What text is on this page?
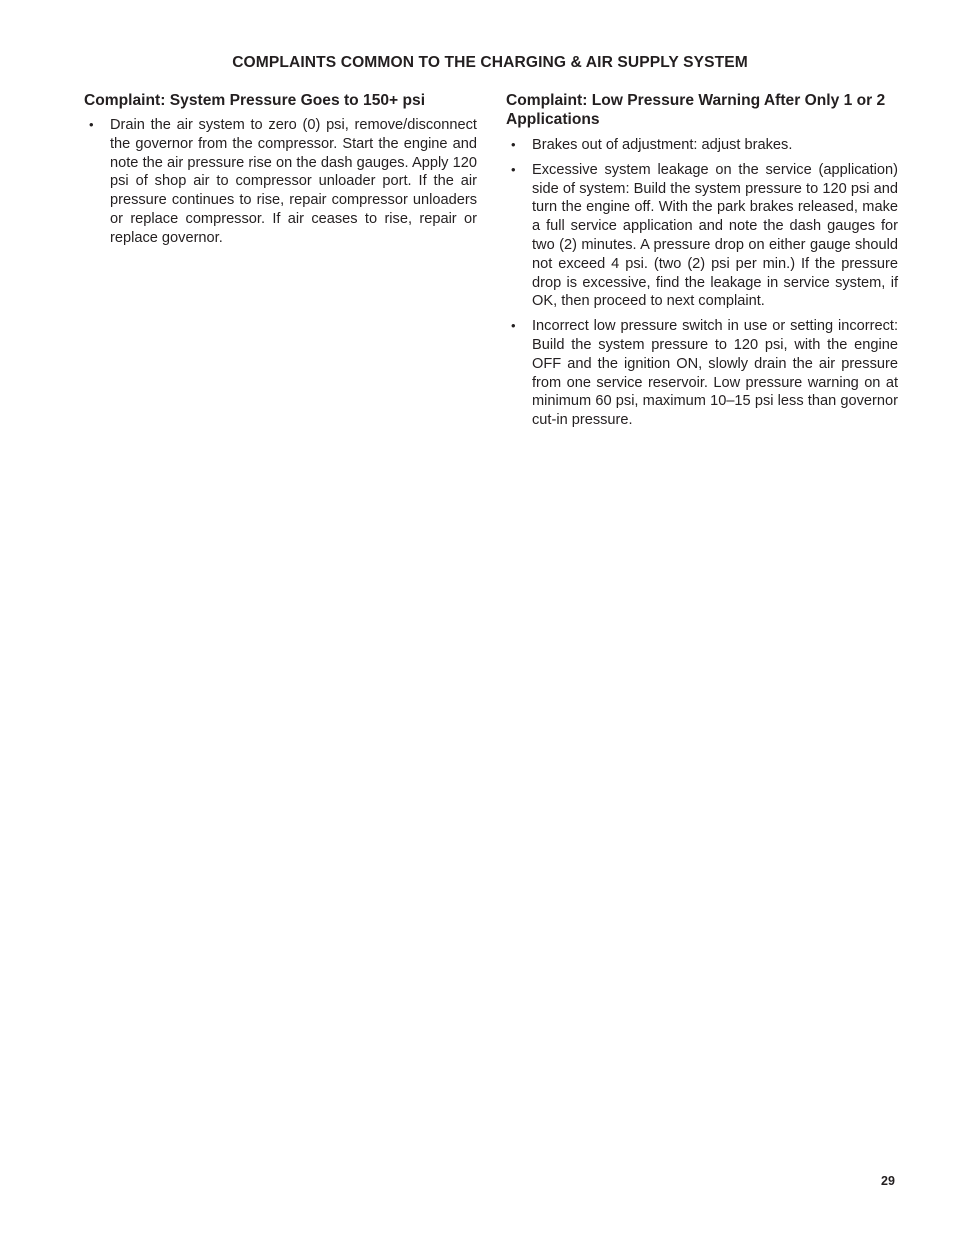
COMPLAINTS COMMON TO THE CHARGING & AIR SUPPLY SYSTEM
Complaint: System Pressure Goes to 150+ psi
• Drain the air system to zero (0) psi, remove/disconnect the governor from the compressor. Start the engine and note the air pressure rise on the dash gauges. Apply 120 psi of shop air to compressor unloader port. If the air pressure continues to rise, repair compressor unloaders or replace compressor. If air ceases to rise, repair or replace governor.
Complaint: Low Pressure Warning After Only 1 or 2 Applications
• Brakes out of adjustment: adjust brakes.
• Excessive system leakage on the service (application) side of system: Build the system pressure to 120 psi and turn the engine off. With the park brakes released, make a full service application and note the dash gauges for two (2) minutes. A pressure drop on either gauge should not exceed 4 psi. (two (2) psi per min.) If the pressure drop is excessive, find the leakage in service system, if OK, then proceed to next complaint.
• Incorrect low pressure switch in use or setting incorrect: Build the system pressure to 120 psi, with the engine OFF and the ignition ON, slowly drain the air pressure from one service reservoir. Low pressure warning on at minimum 60 psi, maximum 10–15 psi less than governor cut-in pressure.
29
